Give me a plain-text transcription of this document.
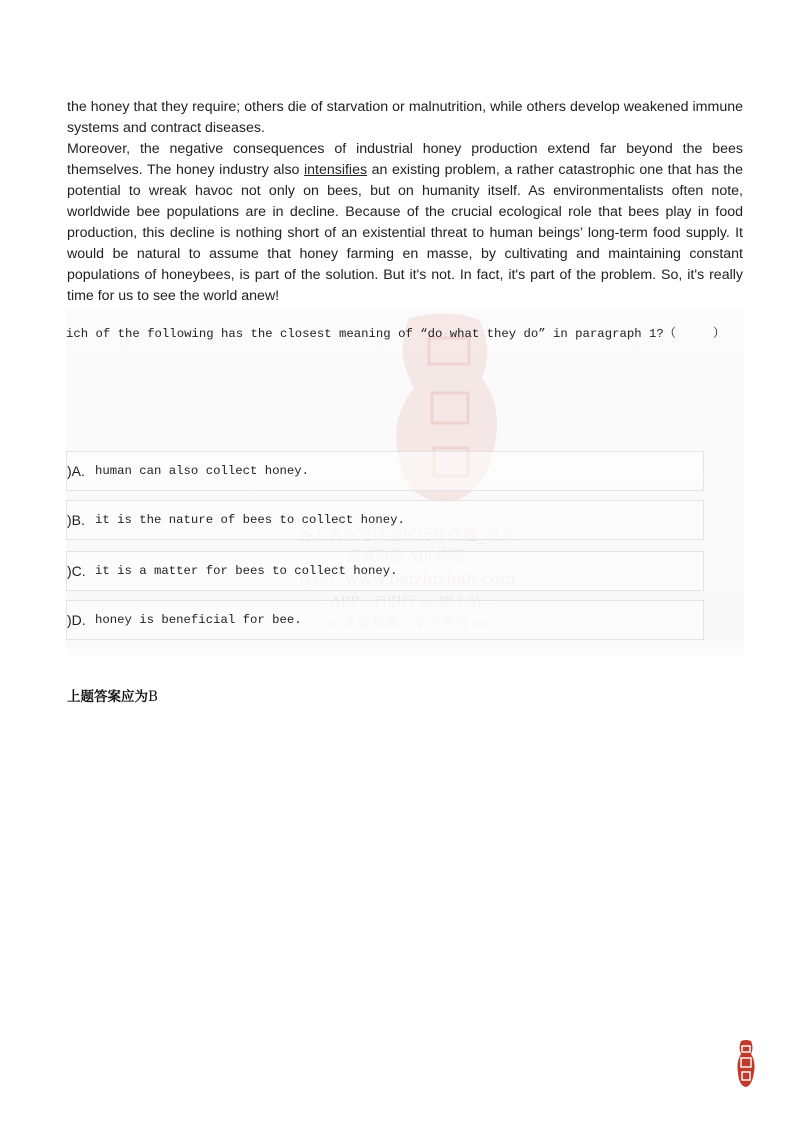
the honey that they require; others die of starvation or malnutrition, while others develop weakened immune systems and contract diseases.

Moreover, the negative consequences of industrial honey production extend far beyond the bees themselves. The honey industry also intensifies an existing problem, a rather catastrophic one that has the potential to wreak havoc not only on bees, but on humanity itself. As environmentalists often note, worldwide bee populations are in decline. Because of the crucial ecological role that bees play in food production, this decline is nothing short of an existential threat to human beings’ long-term food supply. It would be natural to assume that honey farming en masse, by cultivating and maintaining constant populations of honeybees, is part of the solution. But it's not. In fact, it's part of the problem. So, it's really time for us to see the world anew!

ich of the following has the closest meaning of “do what they do” in paragraph 1?（     ）
)A. human can also collect honey.
)B. it is the nature of bees to collect honey.
)C. it is a matter for bees to collect honey.
)D. honey is beneficial for bee.
上题答案应为B
